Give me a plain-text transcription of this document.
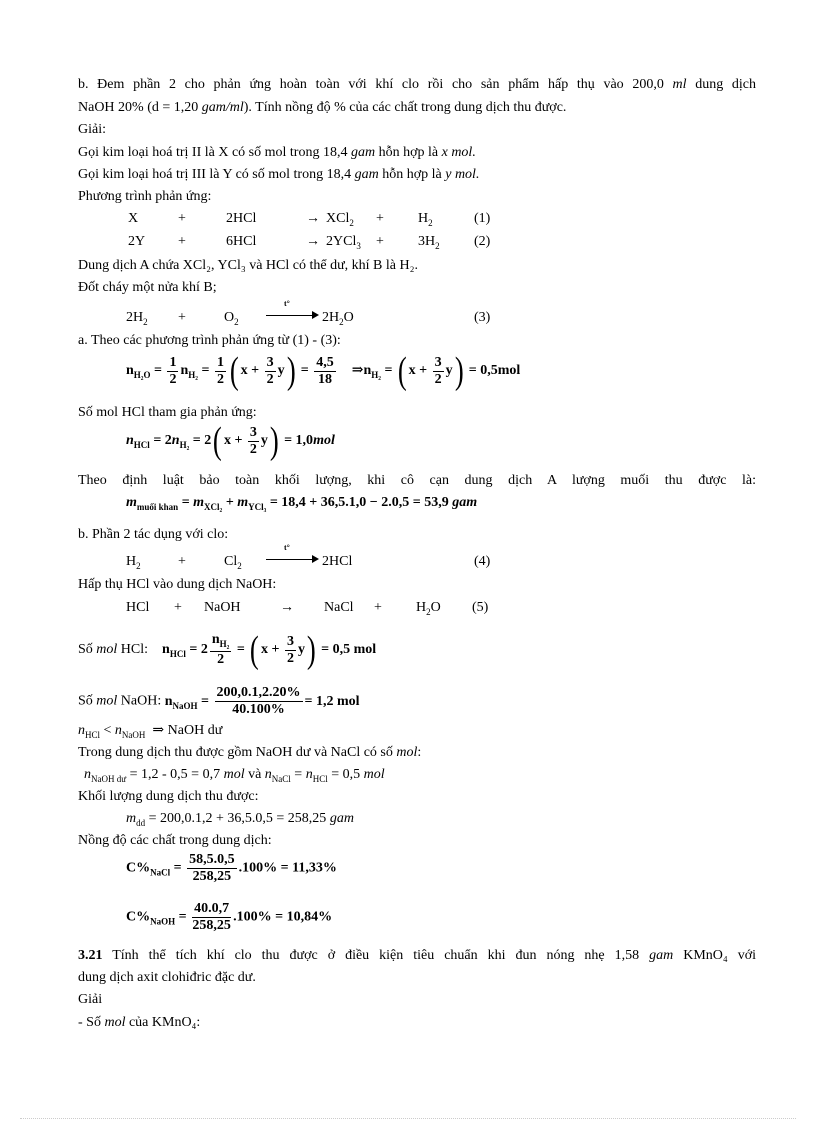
b. Đem phần 2 cho phản ứng hoàn toàn với khí clo rồi cho sản phẩm hấp thụ vào 200,0 ml dung dịch
NaOH 20% (d = 1,20 gam/ml). Tính nồng độ % của các chất trong dung dịch thu được.
Giải:
Gọi kim loại hoá trị II là X có số mol trong 18,4 gam hỗn hợp là x mol.
Gọi kim loại hoá trị III là Y có số mol trong 18,4 gam hỗn hợp là y mol.
Phương trình phản ứng:
X	+	2HCl	→ $XCl_2 + H_2$	(1)
2Y +	6HCl	→ $2YCl_3 + 3H_2$ (2)
Dung dịch A chứa XCl₂, YCl₃ và HCl có thể dư, khí B là H₂.
Đốt cháy một nửa khí B;
$2H_2$ +	$O_2$
t°
$2H_2O$	(3)
a. Theo các phương trình phản ứng từ (1) - (3):
$n_{H_2O} = \frac{1}{2} n_{H_2} = \frac{1}{2}$ ( $x + \frac{3}{2} y) = \frac{4,5}{18}$ $\Rightarrow n_{H_2}$ = ( $x + \frac{3}{2} y) = 0,5mol$
Số mol HCl tham gia phản ứng:
$n_{HCl} = 2n_{H_2} = 2$( $x + \frac{3}{2} y) = 1,0mol$
Theo định luật bảo toàn khối lượng, khi cô cạn dung dịch A lượng muối thu được là:
$m_{muối khan} = m_{XCl_2} + m_{YCl_3} = 18,4 + 36,5.1,0 - 2.0,5 = 53,9$ gam
b. Phần 2 tác dụng với clo:
$H_2$	+	$Cl_2$
t°
2HCl	(4)
Hấp thụ HCl vào dung dịch NaOH:
HCl + NaOH	→ NaCl + $H_2O$ (5)
Số mol HCl: $n_{HCl} = 2 \frac{n_{H_2}}{2}$ = ( $x + \frac{3}{2} y) = 0,5$ mol
Số mol NaOH: $n_{NaOH} = \frac{200,0.1,2.20\%}{40.100\%} = 1,2$ mol
$n_{HCl} < n_{NaOH}$ ⇒ NaOH dư
Trong dung dịch thu được gồm NaOH dư và NaCl có số mol:
$n_{NaOH dư} = 1,2 - 0,5 = 0,7$ mol và $n_{NaCl} = n_{HCl} = 0,5$ mol
Khối lượng dung dịch thu được:
$m_{dd} = 200,0.1,2 + 36,5.0,5 = 258,25$ gam
Nồng độ các chất trong dung dịch:
$C\%_{NaCl} = \frac{58,5.0,5}{258,25} .100\% = 11,33\%$
$C\%_{NaOH} = \frac{40.0,7}{258,25} .100\% = 10,84\%$
3.21 Tính thể tích khí clo thu được ở điều kiện tiêu chuẩn khi đun nóng nhẹ 1,58 gam KMnO₄ với
dung dịch axit clohiđric đặc dư.
Giải
- Số mol của KMnO₄:
